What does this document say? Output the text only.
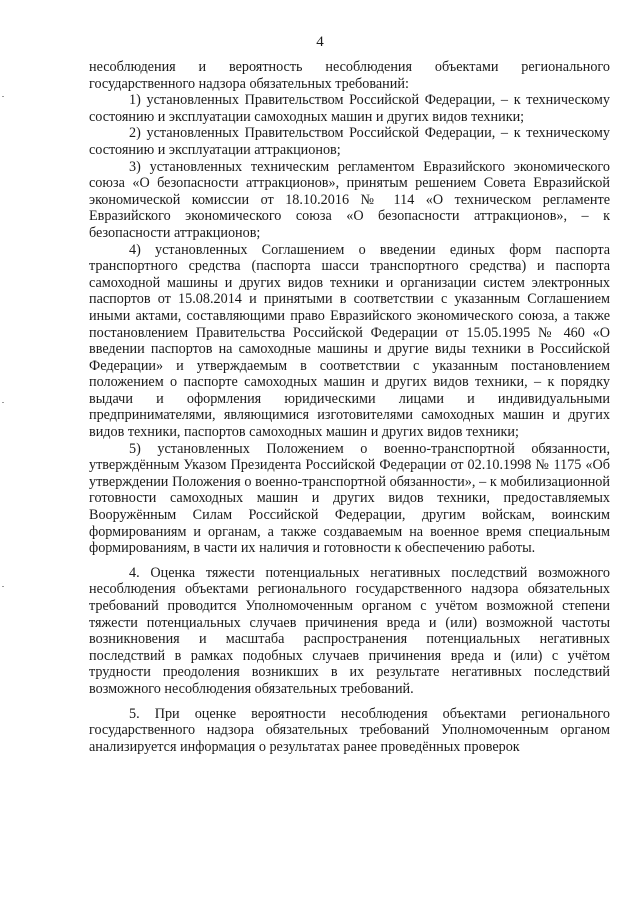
4

несоблюдения и вероятность несоблюдения объектами регионального государственного надзора обязательных требований:

1) установленных Правительством Российской Федерации, – к техническому состоянию и эксплуатации самоходных машин и других видов техники;

2) установленных Правительством Российской Федерации, – к техническому состоянию и эксплуатации аттракционов;

3) установленных техническим регламентом Евразийского экономического союза «О безопасности аттракционов», принятым решением Совета Евразийской экономической комиссии от 18.10.2016 № 114 «О техническом регламенте Евразийского экономического союза «О безопасности аттракционов», – к безопасности аттракционов;

4) установленных Соглашением о введении единых форм паспорта транспортного средства (паспорта шасси транспортного средства) и паспорта самоходной машины и других видов техники и организации систем электронных паспортов от 15.08.2014 и принятыми в соответствии с указанным Соглашением иными актами, составляющими право Евразийского экономического союза, а также постановлением Правительства Российской Федерации от 15.05.1995 № 460 «О введении паспортов на самоходные машины и другие виды техники в Российской Федерации» и утверждаемым в соответствии с указанным постановлением положением о паспорте самоходных машин и других видов техники, – к порядку выдачи и оформления юридическими лицами и индивидуальными предпринимателями, являющимися изготовителями самоходных машин и других видов техники, паспортов самоходных машин и других видов техники;

5) установленных Положением о военно-транспортной обязанности, утверждённым Указом Президента Российской Федерации от 02.10.1998 № 1175 «Об утверждении Положения о военно-транспортной обязанности», – к мобилизационной готовности самоходных машин и других видов техники, предоставляемых Вооружённым Силам Российской Федерации, другим войскам, воинским формированиям и органам, а также создаваемым на военное время специальным формированиям, в части их наличия и готовности к обеспечению работы.

4. Оценка тяжести потенциальных негативных последствий возможного несоблюдения объектами регионального государственного надзора обязательных требований проводится Уполномоченным органом с учётом возможной степени тяжести потенциальных случаев причинения вреда и (или) возможной частоты возникновения и масштаба распространения потенциальных негативных последствий в рамках подобных случаев причинения вреда и (или) с учётом трудности преодоления возникших в их результате негативных последствий возможного несоблюдения обязательных требований.

5. При оценке вероятности несоблюдения объектами регионального государственного надзора обязательных требований Уполномоченным органом анализируется информация о результатах ранее проведённых проверок
